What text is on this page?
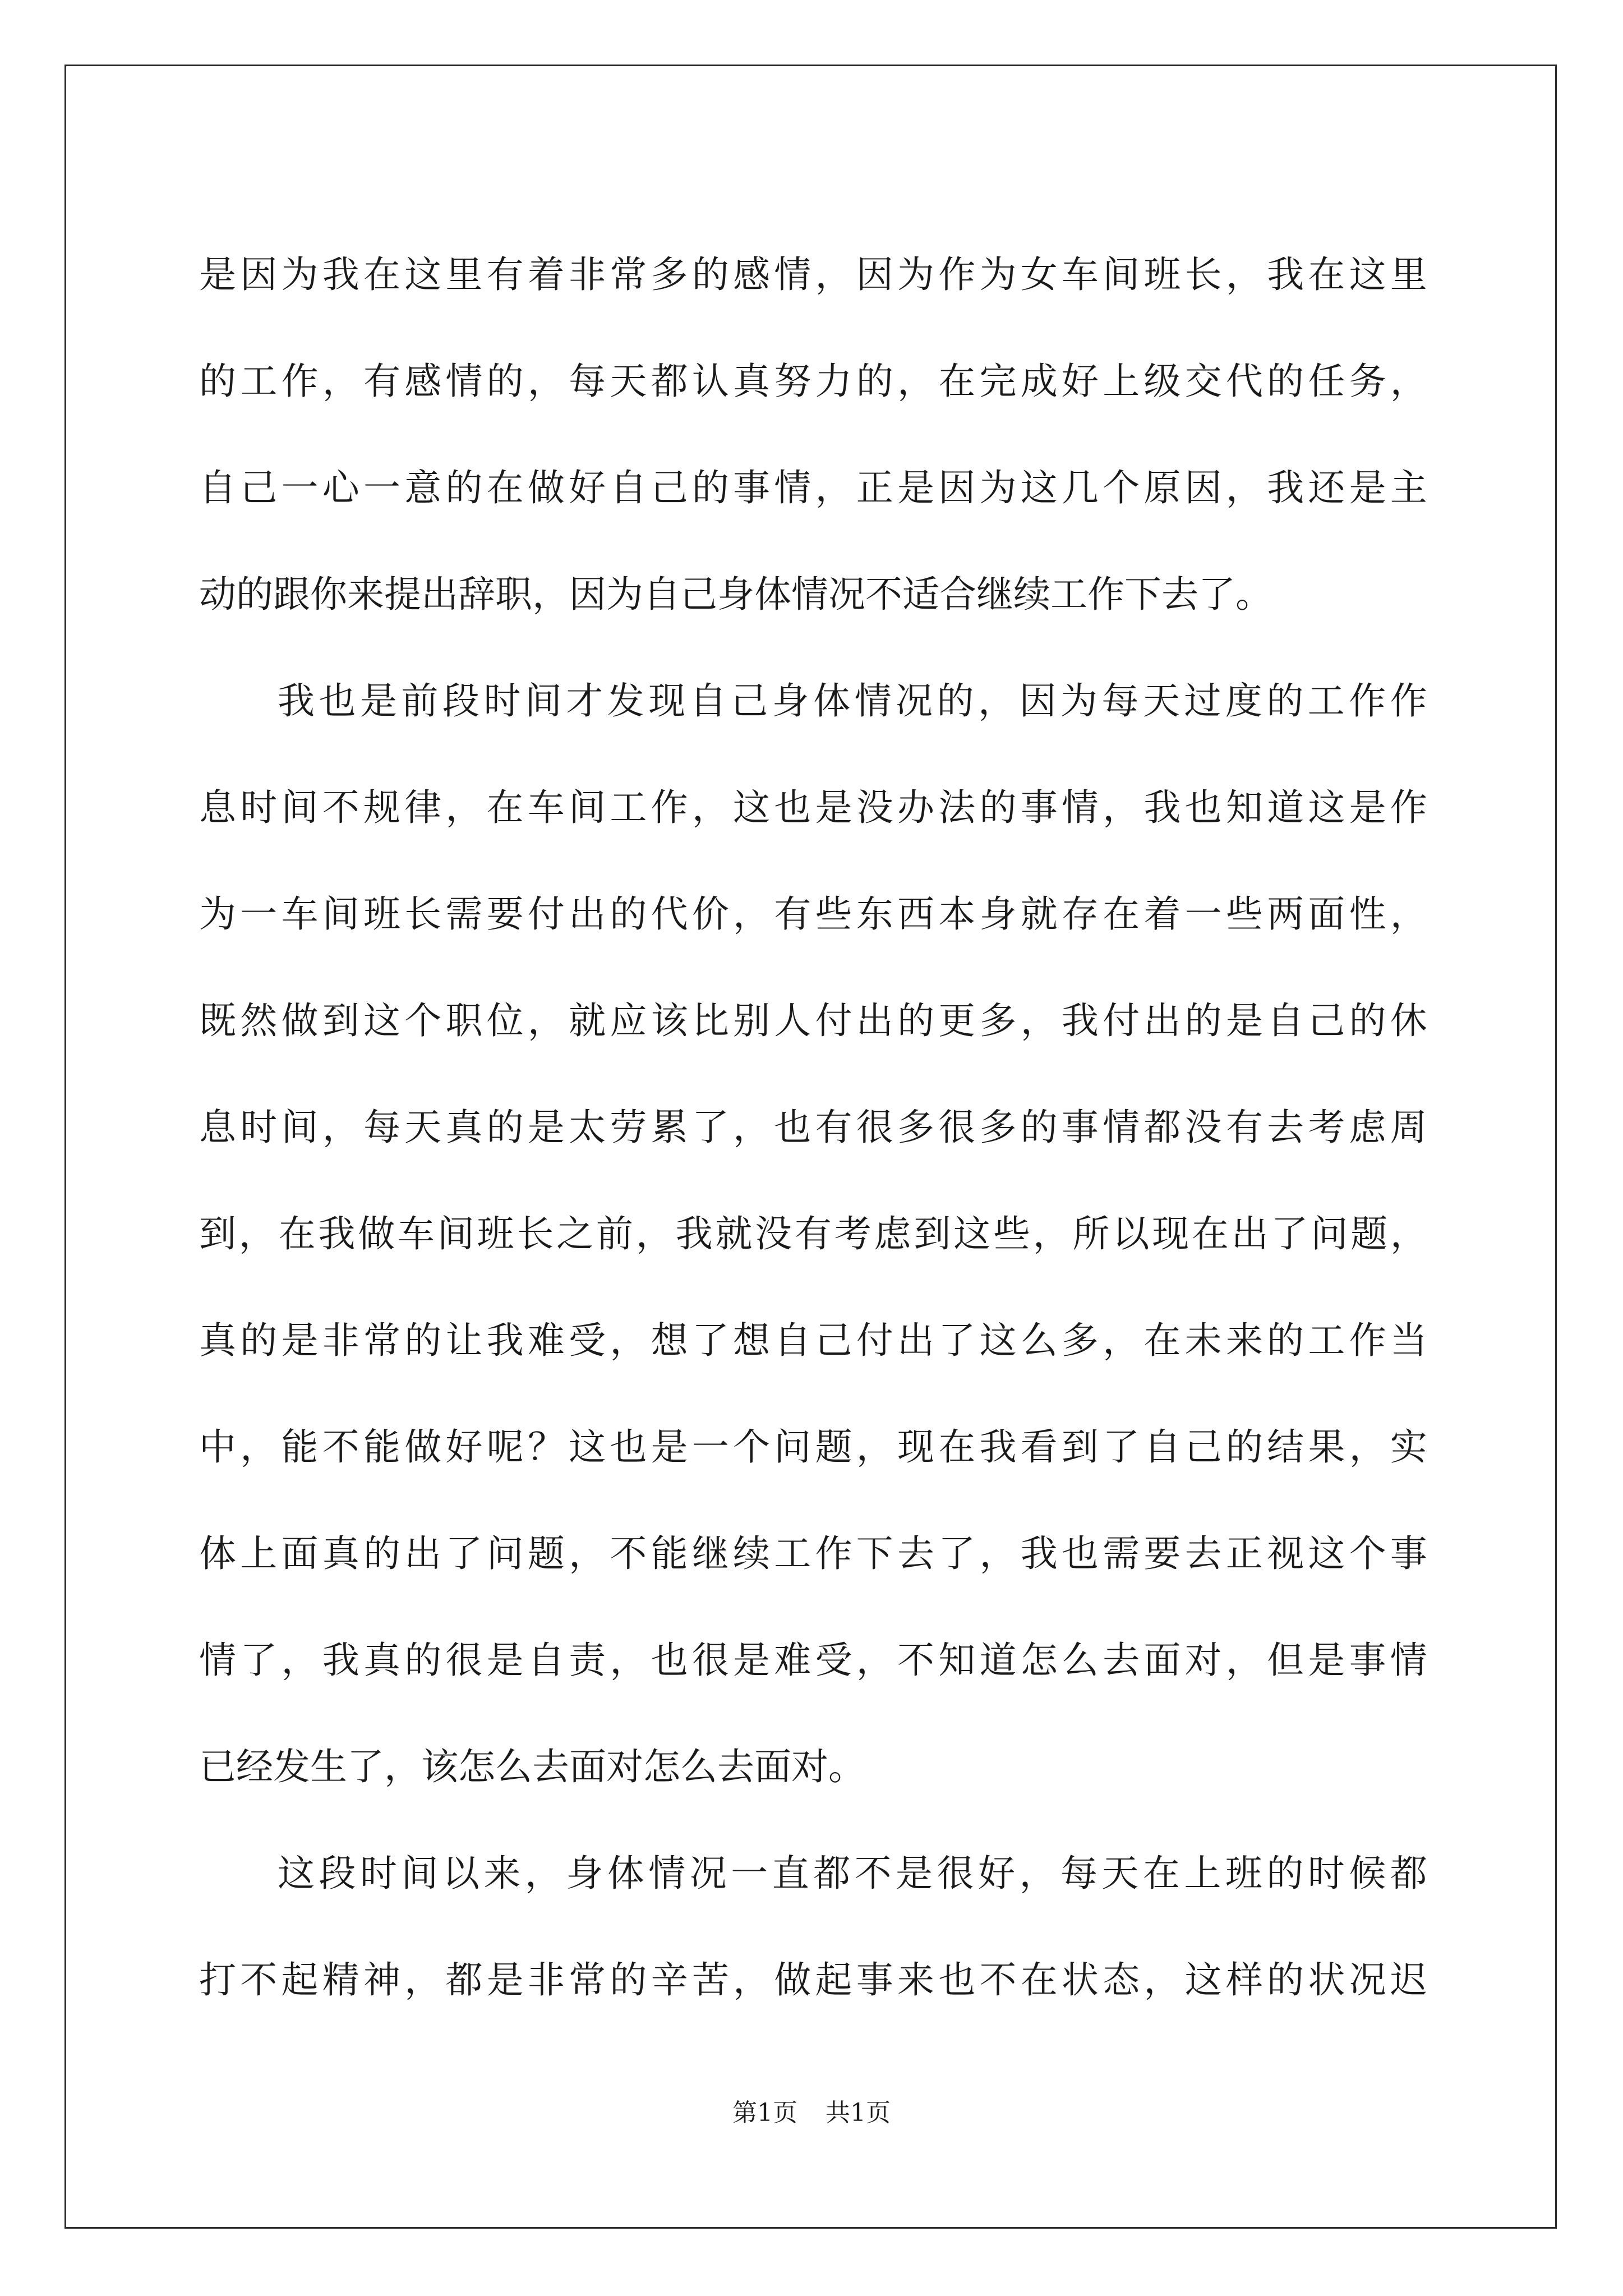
是 因 为 我 在 这 里 有 着 非 常 多 的 感 情 ， 因 为 作 为 女 车 间 班 长 ， 我 在 这 里
的 工 作 ， 有 感 情 的 ， 每 天 都 认 真 努 力 的 ， 在 完 成 好 上 级 交 代 的 任 务 ，
自 己 一 心 一 意 的 在 做 好 自 己 的 事 情 ， 正 是 因 为 这 几 个 原 因 ， 我 还 是 主
动的跟你来提出辞职，因为自己身体情况不适合继续工作下去了。
我 也 是 前 段 时 间 才 发 现 自 己 身 体 情 况 的 ， 因 为 每 天 过 度 的 工 作 作
息 时 间 不 规 律 ， 在 车 间 工 作 ， 这 也 是 没 办 法 的 事 情 ， 我 也 知 道 这 是 作
为 一 车 间 班 长 需 要 付 出 的 代 价 ， 有 些 东 西 本 身 就 存 在 着 一 些 两 面 性 ，
既 然 做 到 这 个 职 位 ， 就 应 该 比 别 人 付 出 的 更 多 ， 我 付 出 的 是 自 己 的 休
息 时 间 ， 每 天 真 的 是 太 劳 累 了 ， 也 有 很 多 很 多 的 事 情 都 没 有 去 考 虑 周
到 ， 在 我 做 车 间 班 长 之 前 ， 我 就 没 有 考 虑 到 这 些 ， 所 以 现 在 出 了 问 题 ，
真 的 是 非 常 的 让 我 难 受 ， 想 了 想 自 己 付 出 了 这 么 多 ， 在 未 来 的 工 作 当
中 ， 能 不 能 做 好 呢 ？ 这 也 是 一 个 问 题 ， 现 在 我 看 到 了 自 己 的 结 果 ， 实
体 上 面 真 的 出 了 问 题 ， 不 能 继 续 工 作 下 去 了 ， 我 也 需 要 去 正 视 这 个 事
情 了 ， 我 真 的 很 是 自 责 ， 也 很 是 难 受 ， 不 知 道 怎 么 去 面 对 ， 但 是 事 情
已经发生了，该怎么去面对怎么去面对。
这 段 时 间 以 来 ， 身 体 情 况 一 直 都 不 是 很 好 ， 每 天 在 上 班 的 时 候 都
打 不 起 精 神 ， 都 是 非 常 的 辛 苦 ， 做 起 事 来 也 不 在 状 态 ， 这 样 的 状 况 迟
第1页 共1页
